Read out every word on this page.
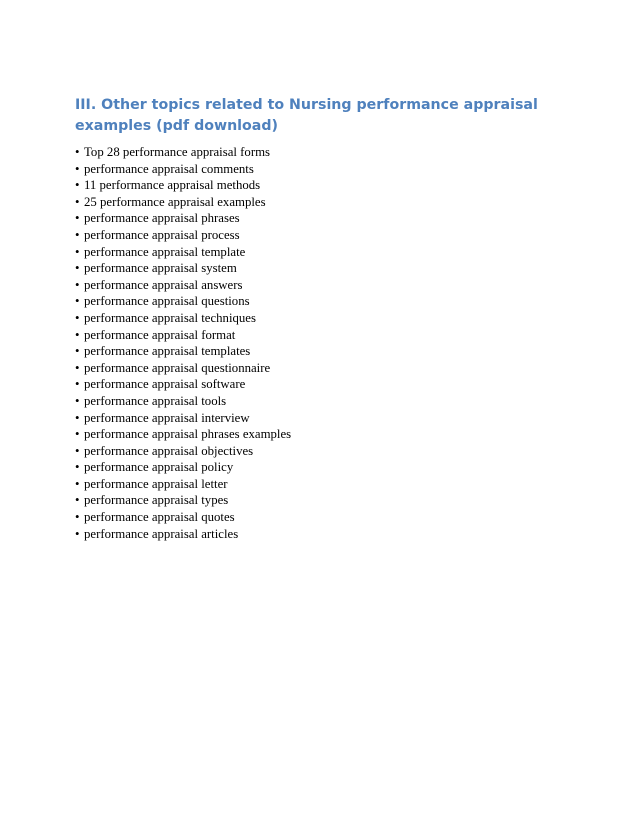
III. Other topics related to Nursing performance appraisal examples (pdf download)
• Top 28 performance appraisal forms
• performance appraisal comments
• 11 performance appraisal methods
• 25 performance appraisal examples
• performance appraisal phrases
• performance appraisal process
• performance appraisal template
• performance appraisal system
• performance appraisal answers
• performance appraisal questions
• performance appraisal techniques
• performance appraisal format
• performance appraisal templates
• performance appraisal questionnaire
• performance appraisal software
• performance appraisal tools
• performance appraisal interview
• performance appraisal phrases examples
• performance appraisal objectives
• performance appraisal policy
• performance appraisal letter
• performance appraisal types
• performance appraisal quotes
• performance appraisal articles
